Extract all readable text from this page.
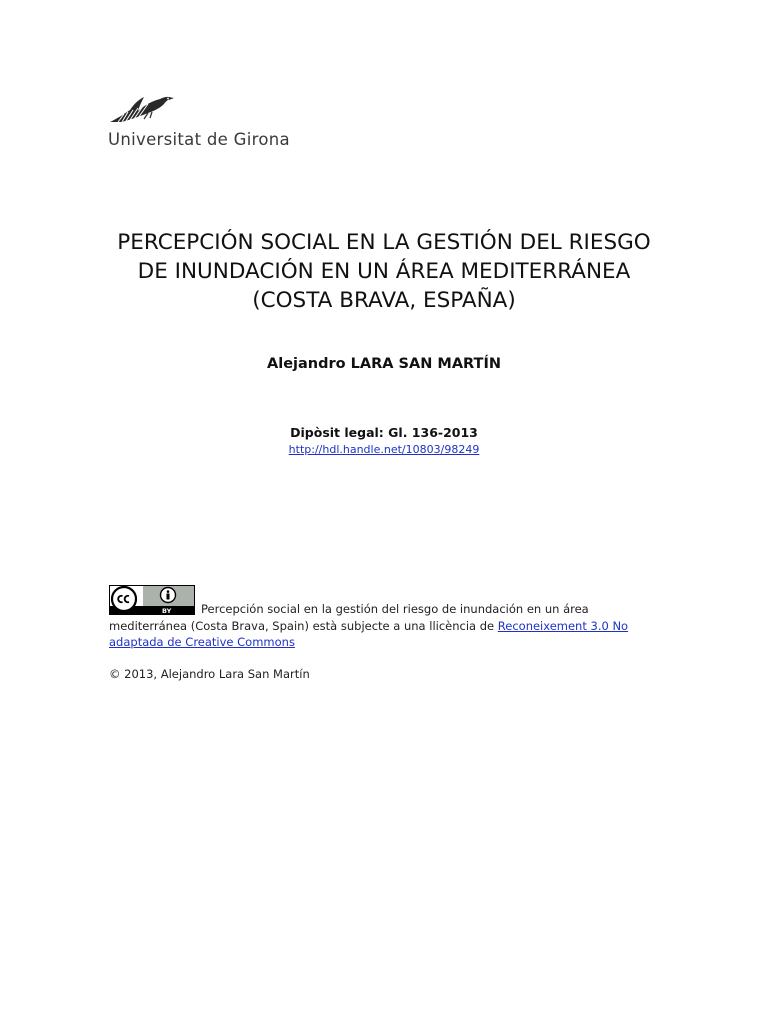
Universitat de Girona
PERCEPCIÓN SOCIAL EN LA GESTIÓN DEL RIESGO
DE INUNDACIÓN EN UN ÁREA MEDITERRÁNEA
(COSTA BRAVA, ESPAÑA)
Alejandro LARA SAN MARTÍN
Dipòsit legal: Gl. 136-2013
http://hdl.handle.net/10803/98249
BY	Percepción social en la gestión del riesgo de inundación en un área mediterránea (Costa Brava, Spain) està subjecte a una llicència de Reconeixement 3.0 No adaptada de Creative Commons
© 2013, Alejandro Lara San Martín
